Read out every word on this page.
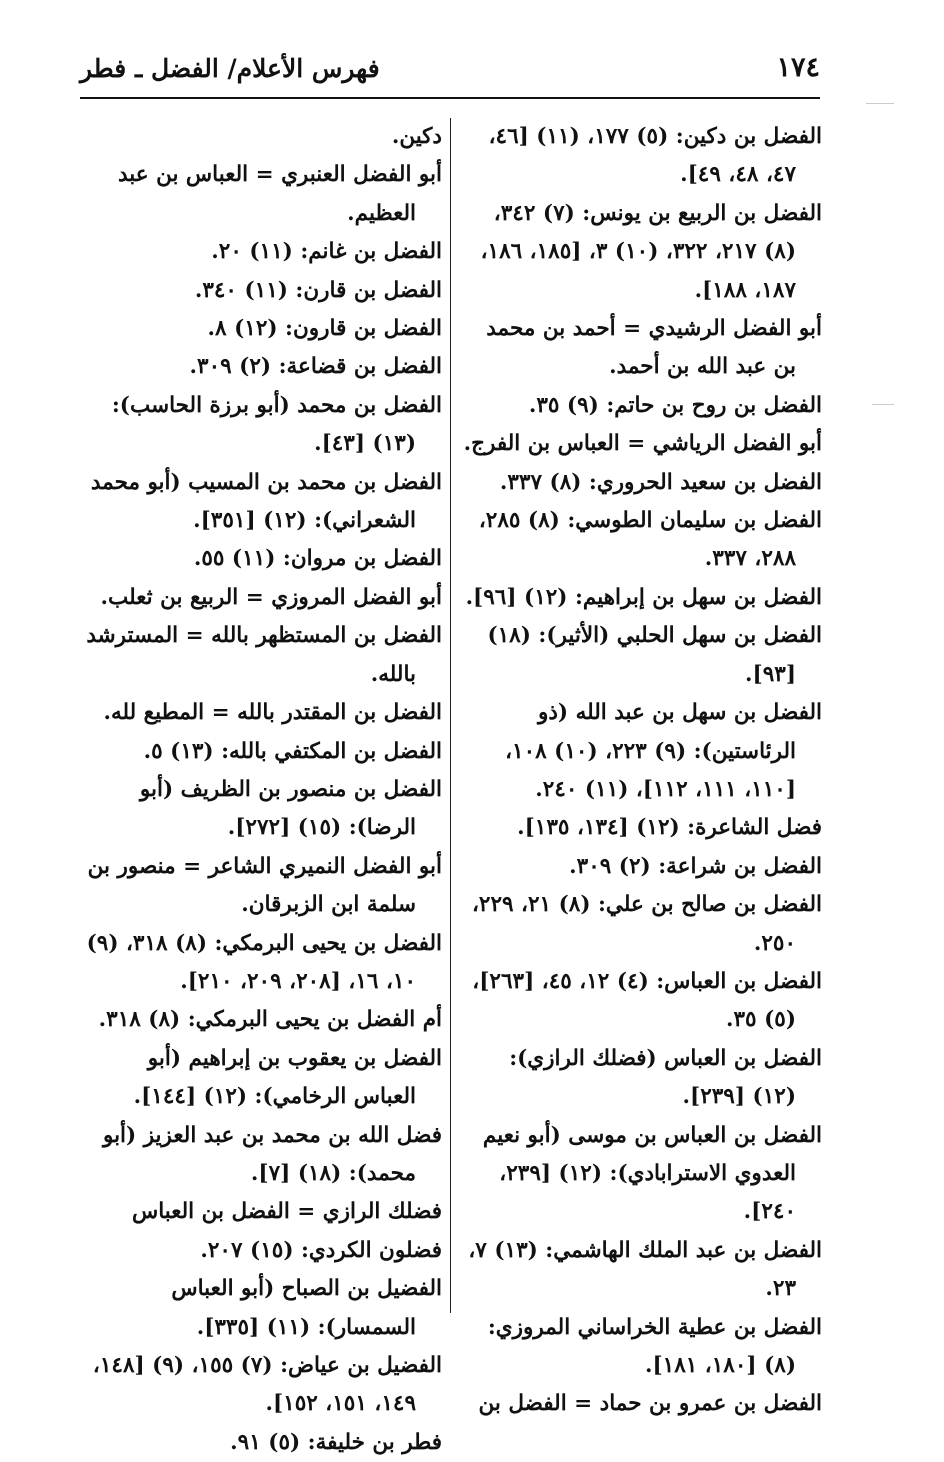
١٧٤
فهرس الأعلام/ الفضل ـ فطر

الفضل بن دكين: (٥) ١٧٧، (١١) [٤٦، ٤٧، ٤٨، ٤٩].

الفضل بن الربيع بن يونس: (٧) ٣٤٢، (٨) ٢١٧، ٣٢٢، (١٠) ٣، [١٨٥، ١٨٦، ١٨٧، ١٨٨].

أبو الفضل الرشيدي = أحمد بن محمد بن عبد الله بن أحمد.

الفضل بن روح بن حاتم: (٩) ٣٥.

أبو الفضل الرياشي = العباس بن الفرج.

الفضل بن سعيد الحروري: (٨) ٣٣٧.

الفضل بن سليمان الطوسي: (٨) ٢٨٥، ٢٨٨، ٣٣٧.

الفضل بن سهل بن إبراهيم: (١٢) [٩٦].

الفضل بن سهل الحلبي (الأثير): (١٨) [٩٣].

الفضل بن سهل بن عبد الله (ذو الرئاستين): (٩) ٢٢٣، (١٠) ١٠٨، [١١٠، ١١١، ١١٢]، (١١) ٢٤٠.

فضل الشاعرة: (١٢) [١٣٤، ١٣٥].

الفضل بن شراعة: (٢) ٣٠٩.

الفضل بن صالح بن علي: (٨) ٢١، ٢٢٩، ٢٥٠.

الفضل بن العباس: (٤) ١٢، ٤٥، [٢٦٣]، (٥) ٣٥.

الفضل بن العباس (فضلك الرازي): (١٢) [٢٣٩].

الفضل بن العباس بن موسى (أبو نعيم العدوي الاسترابادي): (١٢) [٢٣٩، ٢٤٠].

الفضل بن عبد الملك الهاشمي: (١٣) ٧، ٢٣.

الفضل بن عطية الخراساني المروزي: (٨) [١٨٠، ١٨١].

الفضل بن عمرو بن حماد = الفضل بن

دكين.

أبو الفضل العنبري = العباس بن عبد العظيم.

الفضل بن غانم: (١١) ٢٠.

الفضل بن قارن: (١١) ٣٤٠.

الفضل بن قارون: (١٢) ٨.

الفضل بن قضاعة: (٢) ٣٠٩.

الفضل بن محمد (أبو برزة الحاسب): (١٣) [٤٣].

الفضل بن محمد بن المسيب (أبو محمد الشعراني): (١٢) [٣٥١].

الفضل بن مروان: (١١) ٥٥.

أبو الفضل المروزي = الربيع بن ثعلب.

الفضل بن المستظهر بالله = المسترشد بالله.

الفضل بن المقتدر بالله = المطيع لله.

الفضل بن المكتفي بالله: (١٣) ٥.

الفضل بن منصور بن الظريف (أبو الرضا): (١٥) [٢٧٢].

أبو الفضل النميري الشاعر = منصور بن سلمة ابن الزبرقان.

الفضل بن يحيى البرمكي: (٨) ٣١٨، (٩) ١٠، ١٦، [٢٠٨، ٢٠٩، ٢١٠].

أم الفضل بن يحيى البرمكي: (٨) ٣١٨.

الفضل بن يعقوب بن إبراهيم (أبو العباس الرخامي): (١٢) [١٤٤].

فضل الله بن محمد بن عبد العزيز (أبو محمد): (١٨) [٧].

فضلك الرازي = الفضل بن العباس

فضلون الكردي: (١٥) ٢٠٧.

الفضيل بن الصباح (أبو العباس السمسار): (١١) [٣٣٥].

الفضيل بن عياض: (٧) ١٥٥، (٩) [١٤٨، ١٤٩، ١٥١، ١٥٢].

فطر بن خليفة: (٥) ٩١.
